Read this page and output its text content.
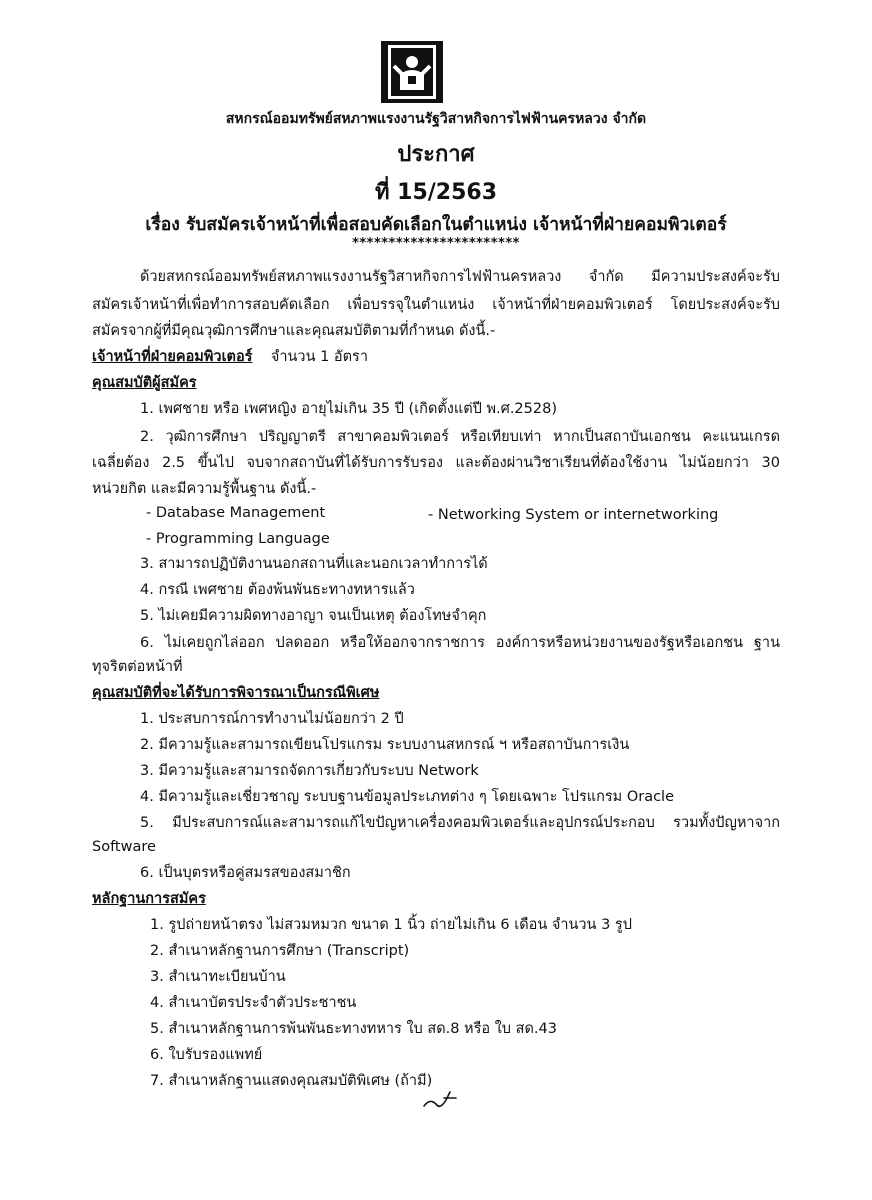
สหกรณ์ออมทรัพย์สหภาพแรงงานรัฐวิสาหกิจการไฟฟ้านครหลวง จำกัด
ประกาศ
ที่ 15/2563
เรื่อง รับสมัครเจ้าหน้าที่เพื่อสอบคัดเลือกในตำแหน่ง เจ้าหน้าที่ฝ่ายคอมพิวเตอร์
***********************
ด้วยสหกรณ์ออมทรัพย์สหภาพแรงงานรัฐวิสาหกิจการไฟฟ้านครหลวง จำกัด มีความประสงค์จะรับ
สมัครเจ้าหน้าที่เพื่อทำการสอบคัดเลือก เพื่อบรรจุในตำแหน่ง เจ้าหน้าที่ฝ่ายคอมพิวเตอร์ โดยประสงค์จะรับ
สมัครจากผู้ที่มีคุณวุฒิการศึกษาและคุณสมบัติตามที่กำหนด ดังนี้.-
เจ้าหน้าที่ฝ่ายคอมพิวเตอร์ จำนวน 1 อัตรา
คุณสมบัติผู้สมัคร
1. เพศชาย หรือ เพศหญิง อายุไม่เกิน 35 ปี (เกิดตั้งแต่ปี พ.ศ.2528)
2. วุฒิการศึกษา ปริญญาตรี สาขาคอมพิวเตอร์ หรือเทียบเท่า หากเป็นสถาบันเอกชน คะแนนเกรด
เฉลี่ยต้อง 2.5 ขึ้นไป จบจากสถาบันที่ได้รับการรับรอง และต้องผ่านวิชาเรียนที่ต้องใช้งาน ไม่น้อยกว่า 30
หน่วยกิต และมีความรู้พื้นฐาน ดังนี้.-
- Database Management	- Networking System or internetworking
- Programming Language
3. สามารถปฏิบัติงานนอกสถานที่และนอกเวลาทำการได้
4. กรณี เพศชาย ต้องพ้นพันธะทางทหารแล้ว
5. ไม่เคยมีความผิดทางอาญา จนเป็นเหตุ ต้องโทษจำคุก
6. ไม่เคยถูกไล่ออก ปลดออก หรือให้ออกจากราชการ องค์การหรือหน่วยงานของรัฐหรือเอกชน ฐาน
ทุจริตต่อหน้าที่
คุณสมบัติที่จะได้รับการพิจารณาเป็นกรณีพิเศษ
1. ประสบการณ์การทำงานไม่น้อยกว่า 2 ปี
2. มีความรู้และสามารถเขียนโปรแกรม ระบบงานสหกรณ์ ฯ หรือสถาบันการเงิน
3. มีความรู้และสามารถจัดการเกี่ยวกับระบบ Network
4. มีความรู้และเชี่ยวชาญ ระบบฐานข้อมูลประเภทต่าง ๆ โดยเฉพาะ โปรแกรม Oracle
5. มีประสบการณ์และสามารถแก้ไขปัญหาเครื่องคอมพิวเตอร์และอุปกรณ์ประกอบ รวมทั้งปัญหาจาก
Software
6. เป็นบุตรหรือคู่สมรสของสมาชิก
หลักฐานการสมัคร
1. รูปถ่ายหน้าตรง ไม่สวมหมวก ขนาด 1 นิ้ว ถ่ายไม่เกิน 6 เดือน จำนวน 3 รูป
2. สำเนาหลักฐานการศึกษา (Transcript)
3. สำเนาทะเบียนบ้าน
4. สำเนาบัตรประจำตัวประชาชน
5. สำเนาหลักฐานการพ้นพันธะทางทหาร ใบ สด.8 หรือ ใบ สด.43
6. ใบรับรองแพทย์
7. สำเนาหลักฐานแสดงคุณสมบัติพิเศษ (ถ้ามี)
